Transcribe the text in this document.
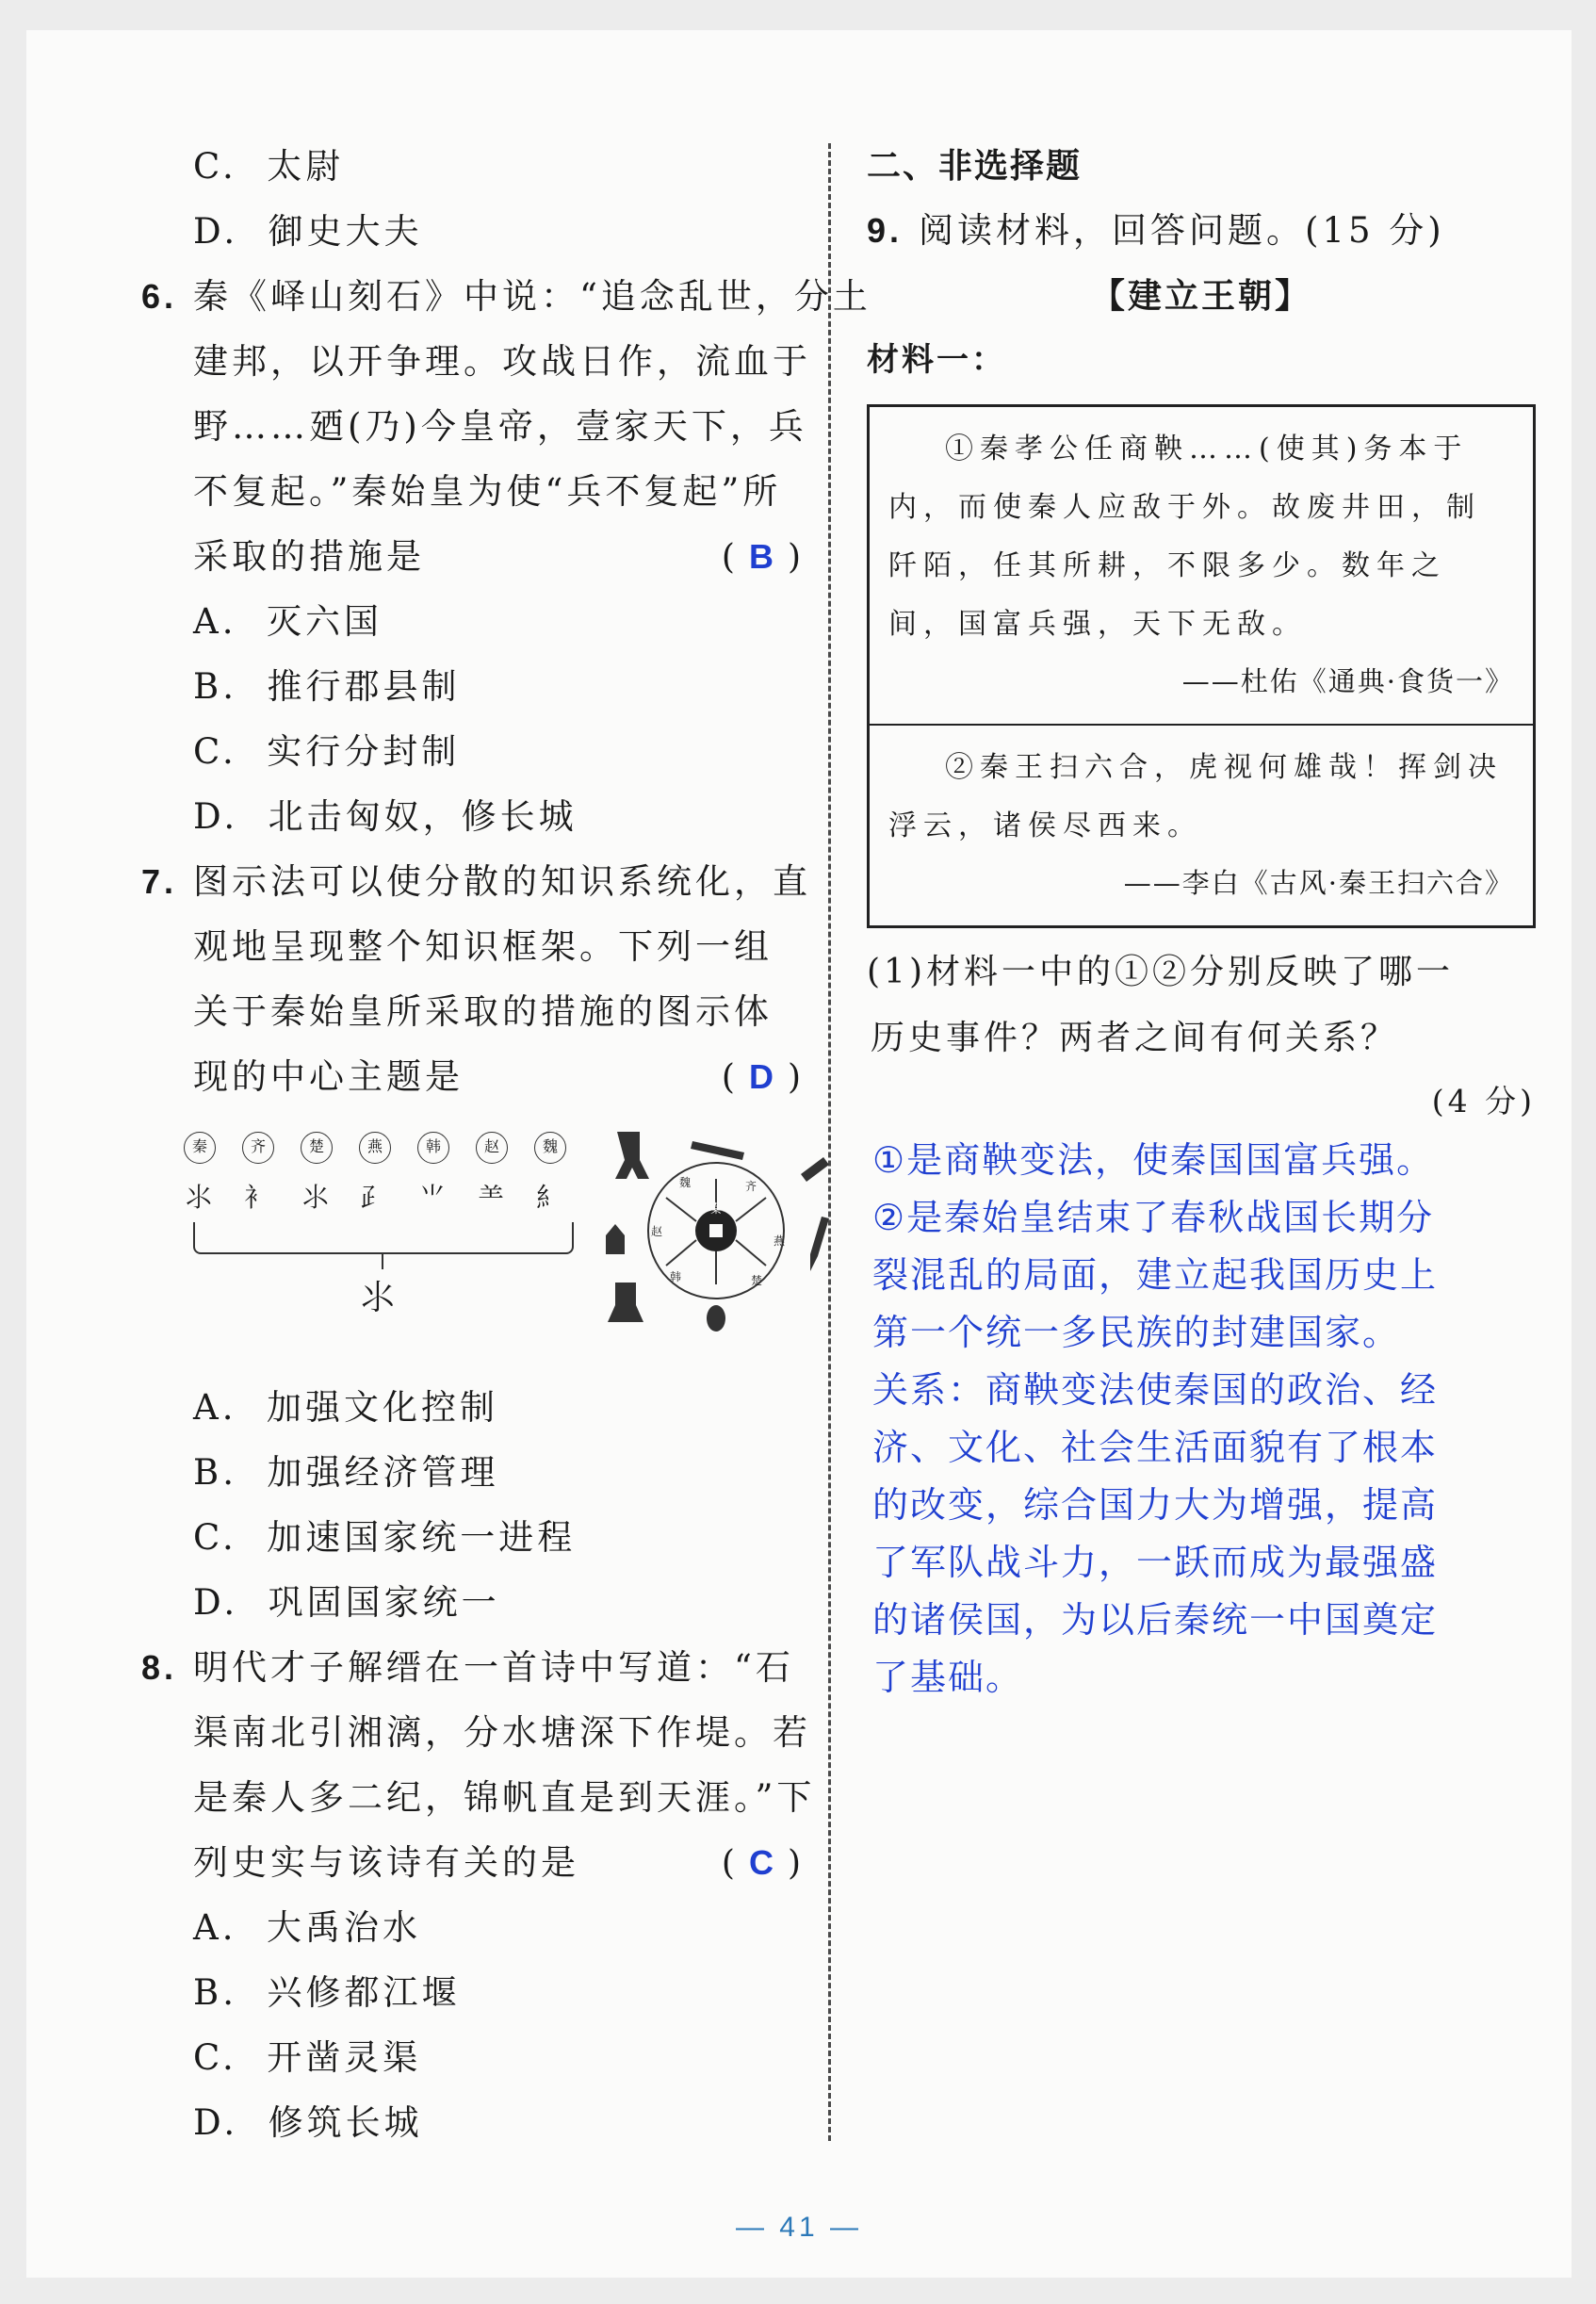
C. 太尉
D. 御史大夫
6. 秦《峄山刻石》中说：“追念乱世，分土
建邦，以开争理。攻战日作，流血于
野……廼(乃)今皇帝，壹家天下，兵
不复起。”秦始皇为使“兵不复起”所
采取的措施是	( B )
A. 灭六国
B. 推行郡县制
C. 实行分封制
D. 北击匈奴，修长城
7. 图示法可以使分散的知识系统化，直
观地呈现整个知识框架。下列一组
关于秦始皇所采取的措施的图示体
现的中心主题是	( D )
秦	齐	楚	燕	韩	赵	魏
⺢ ⻂ ⺢ ⺪ ⺌ ⺷ ⺯
⺢
秦
魏	齐
赵
燕
韩	楚
A. 加强文化控制
B. 加强经济管理
C. 加速国家统一进程
D. 巩固国家统一
8. 明代才子解缙在一首诗中写道：“石
渠南北引湘漓，分水塘深下作堤。若
是秦人多二纪，锦帆直是到天涯。”下
列史实与该诗有关的是	( C )
A. 大禹治水
B. 兴修都江堰
C. 开凿灵渠
D. 修筑长城
二、非选择题
9. 阅读材料，回答问题。(15 分)
【建立王朝】
材料一：
①秦孝公任商鞅……(使其)务本于内，而使秦人应敌于外。故废井田，制阡陌，任其所耕，不限多少。数年之间，国富兵强，天下无敌。
——杜佑《通典·食货一》
②秦王扫六合，虎视何雄哉！挥剑决浮云，诸侯尽西来。
——李白《古风·秦王扫六合》
(1)材料一中的①②分别反映了哪一
历史事件？两者之间有何关系？
(4 分)

①是商鞅变法，使秦国国富兵强。

②是秦始皇结束了春秋战国长期分

裂混乱的局面，建立起我国历史上

第一个统一多民族的封建国家。

关系：商鞅变法使秦国的政治、经

济、文化、社会生活面貌有了根本

的改变，综合国力大为增强，提高

了军队战斗力，一跃而成为最强盛

的诸侯国，为以后秦统一中国奠定

了基础。

— 41 —
